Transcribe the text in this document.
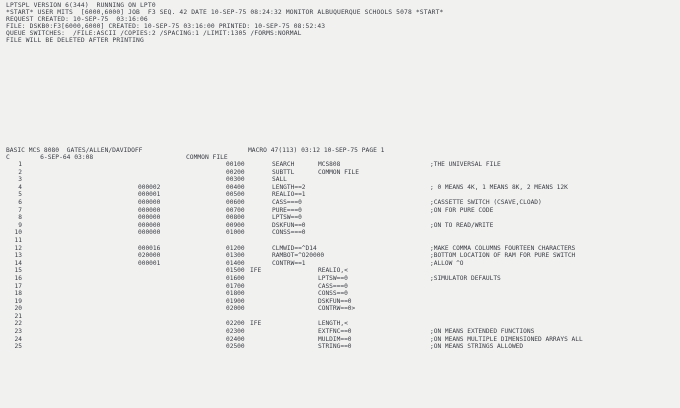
LPTSPL VERSION 6(344)  RUNNING ON LPT0
*START* USER MITS  [6000,6000] JOB  F3 SEQ. 42 DATE 10-SEP-75 08:24:32 MONITOR ALBUQUERQUE SCHOOLS 5078 *START*
REQUEST CREATED: 10-SEP-75  03:16:06
FILE: DSKB0:F3[6000,6000] CREATED: 10-SEP-75 03:16:00 PRINTED: 10-SEP-75 08:52:43
QUEUE SWITCHES:  /FILE:ASCII /COPIES:2 /SPACING:1 /LIMIT:1305 /FORMS:NORMAL
FILE WILL BE DELETED AFTER PRINTING
BASIC MCS 8080  GATES/ALLEN/DAVIDOFF	MACRO 47(113) 03:12 10-SEP-75 PAGE 1
C        6-SEP-64 03:08	COMMON FILE
1	00100	SEARCH	MCS808	;THE UNIVERSAL FILE
2	00200	SUBTTL	COMMON FILE
3	00300	SALL
4	000002	00400	LENGTH==2	; 0 MEANS 4K, 1 MEANS 8K, 2 MEANS 12K
5	000001	00500	REALIO==1
6	000000	00600	CASS===0	;CASSETTE SWITCH (CSAVE,CLOAD)
7	000000	00700	PURE===0	;ON FOR PURE CODE
8	000000	00800	LPTSW==0
9	000000	00900	DSKFUN==0	;ON TO READ/WRITE
10	000000	01000	CONSS===0
11
12	000016	01200	CLMWID==^D14	;MAKE COMMA COLUMNS FOURTEEN CHARACTERS
13	020000	01300	RAMBOT=^O20000	;BOTTOM LOCATION OF RAM FOR PURE SWITCH
14	000001	01400	CONTRW==1	;ALLOW ^O
15	01500 IFE	REALIO,<
16	01600	LPTSW==0	;SIMULATOR DEFAULTS
17	01700	CASS===0
18	01800	CONSS==0
19	01900	DSKFUN==0
20	02000	CONTRW==0>
21
22	02200 IFE	LENGTH,<
23	02300	EXTFNC==0	;ON MEANS EXTENDED FUNCTIONS
24	02400	MULDIM==0	;ON MEANS MULTIPLE DIMENSIONED ARRAYS ALL
25	02500	STRING==0	;ON MEANS STRINGS ALLOWED
